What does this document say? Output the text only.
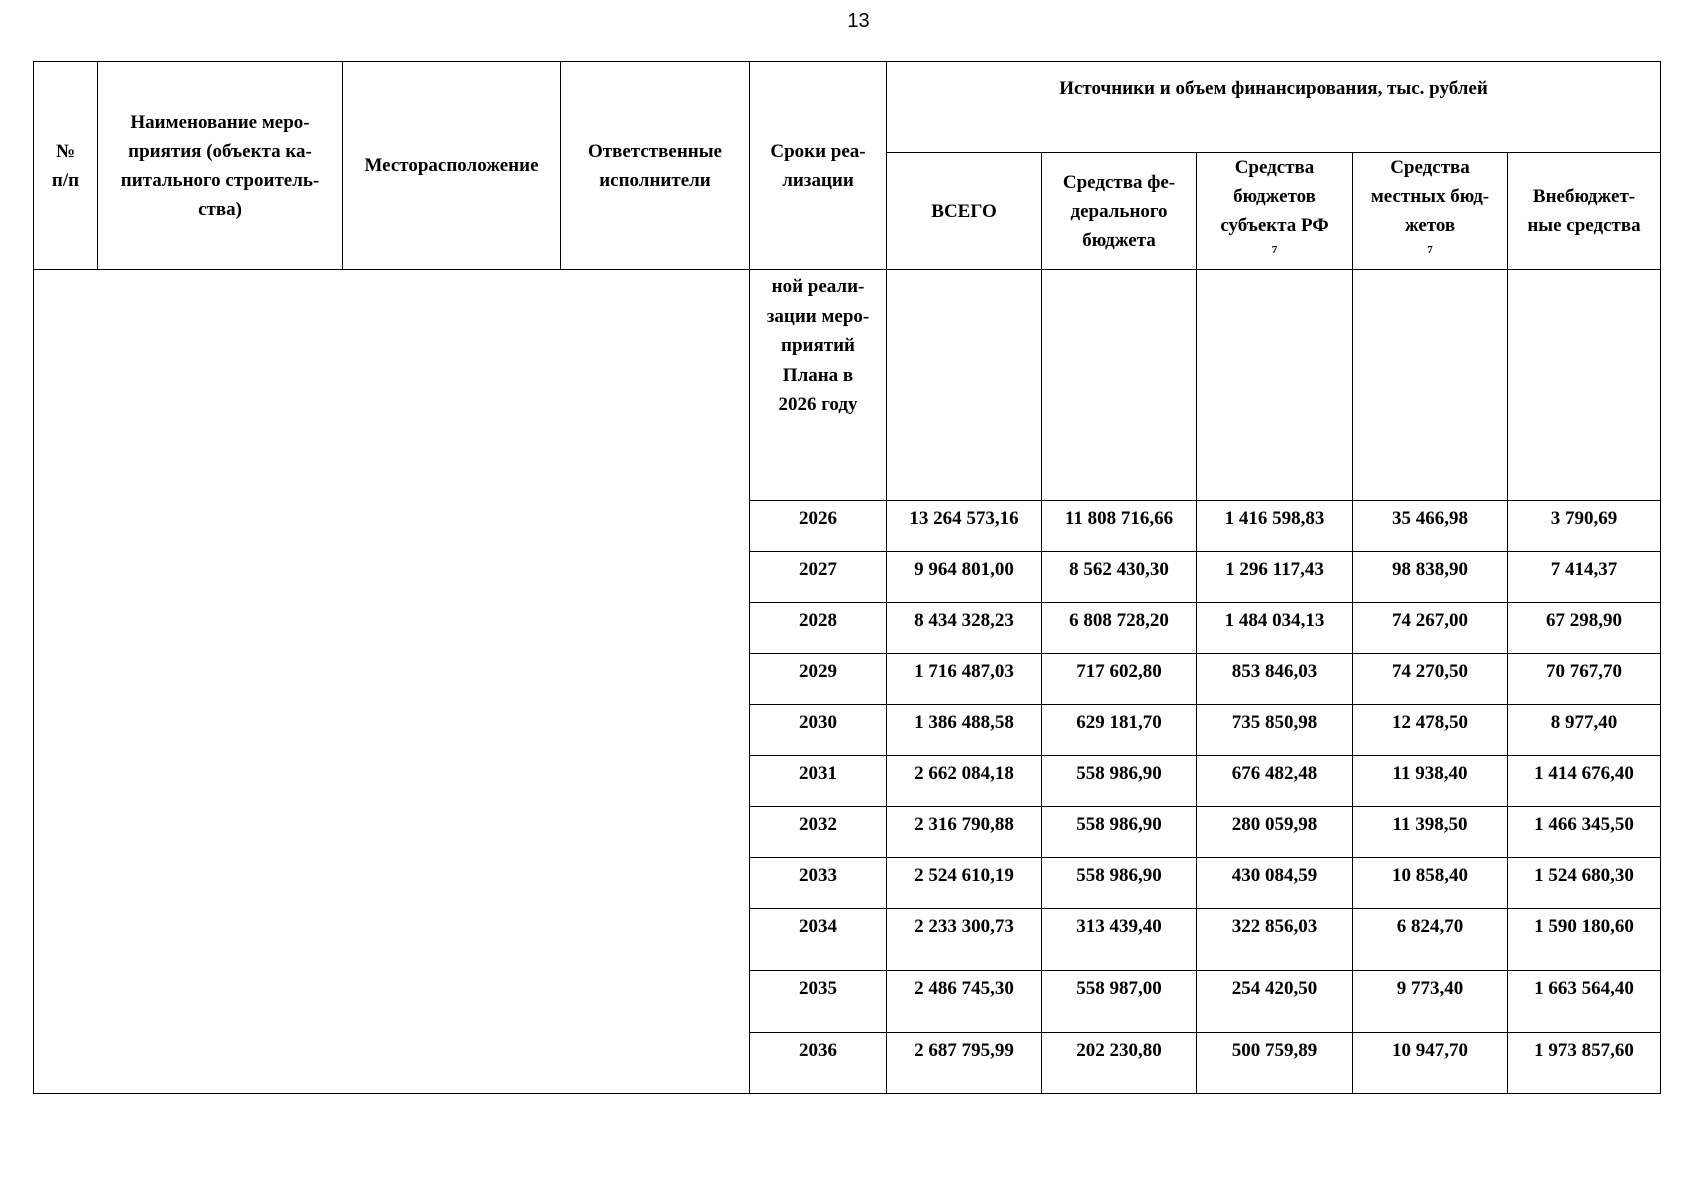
13
№
п/п	Наименование меро-
приятия (объекта ка-
питального строитель-
ства)	Месторасположение	Ответственные
исполнители	Сроки реа-
лизации	Источники и объем финансирования, тыс. рублей				

					ВСЕГО	Средства фе-
дерального
бюджета	Средства
бюджетов
субъекта РФ
$^7$	Средства
местных бюд-
жетов
$^7$	Внебюджет-
ные средства

				ной реали-
зации меро-
приятий
Плана в
2026 году					

				2026	13 264 573,16	11 808 716,66	1 416 598,83	35 466,98	3 790,69
				2027	9 964 801,00	8 562 430,30	1 296 117,43	98 838,90	7 414,37
				2028	8 434 328,23	6 808 728,20	1 484 034,13	74 267,00	67 298,90
				2029	1 716 487,03	717 602,80	853 846,03	74 270,50	70 767,70
				2030	1 386 488,58	629 181,70	735 850,98	12 478,50	8 977,40
				2031	2 662 084,18	558 986,90	676 482,48	11 938,40	1 414 676,40
				2032	2 316 790,88	558 986,90	280 059,98	11 398,50	1 466 345,50
				2033	2 524 610,19	558 986,90	430 084,59	10 858,40	1 524 680,30
				2034	2 233 300,73	313 439,40	322 856,03	6 824,70	1 590 180,60
				2035	2 486 745,30	558 987,00	254 420,50	9 773,40	1 663 564,40
				2036	2 687 795,99	202 230,80	500 759,89	10 947,70	1 973 857,60
